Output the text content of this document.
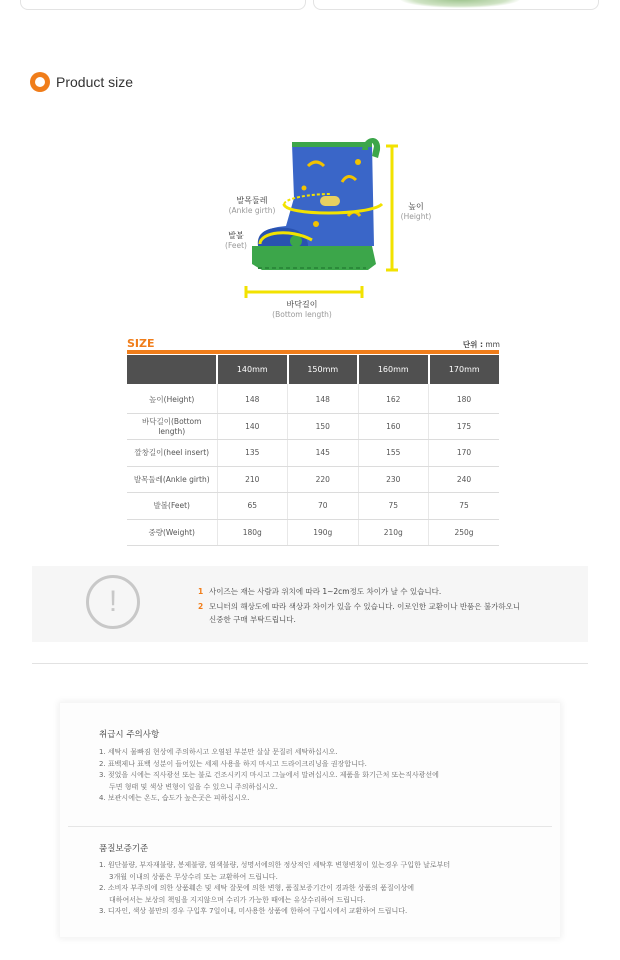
Product size
발목둘레
(Ankle girth)
발볼
(Feet)
높이
(Height)
바닥길이
(Bottom length)
SIZE	단위 : mm
	140mm	150mm	160mm	170mm
높이(Height)	148	148	162	180
바닥길이(Bottom length)	140	150	160	175
깔창길이(heel insert)	135	145	155	170
발목둘레(Ankle girth)	210	220	230	240
발볼(Feet)	65	70	75	75
중량(Weight)	180g	190g	210g	250g
!	1 사이즈는 재는 사람과 위치에 따라 1~2cm정도 차이가 날 수 있습니다.
2 모니터의 해상도에 따라 색상과 차이가 있을 수 있습니다. 이로인한 교환이나 반품은 불가하오니
신중한 구매 부탁드립니다.
취급시 주의사항
1. 세탁시 물빠짐 현상에 주의하시고 오염된 부분만 살살 문질러 세탁하십시오.
2. 표백제나 표백 성분이 들어있는 세제 사용을 하지 마시고 드라이크리닝을 권장합니다.
3. 젖었을 시에는 직사광선 또는 불로 건조시키지 마시고 그늘에서 말려십시오. 제품을 화기근처 또는직사광선에
두면 형태 및 색상 변형이 일을 수 있으니 주의하십시오.
4. 보관시에는 온도, 습도가 높은곳은 피하십시오.
품질보증기준
1. 원단불량, 부자재불량, 봉제불량, 염색불량, 성명서에의한 정상적인 세탁후 변형변칭이 있는경우 구입한 날로부터
3개월 이내의 상품은 무상수리 또는 교환하여 드립니다.
2. 소비자 부주의에 의한 상품훼손 및 세탁 잘못에 의한 변형, 품질보증기간이 경과한 상품의 품질이상에
대하여서는 보상의 책임을 지지않으며 수리가 가능한 때에는 유상수리하여 드립니다.
3. 디자인, 색상 불만의 경우 구입후 7일이내, 미사용한 상품에 한하여 구입시에서 교환하여 드립니다.
